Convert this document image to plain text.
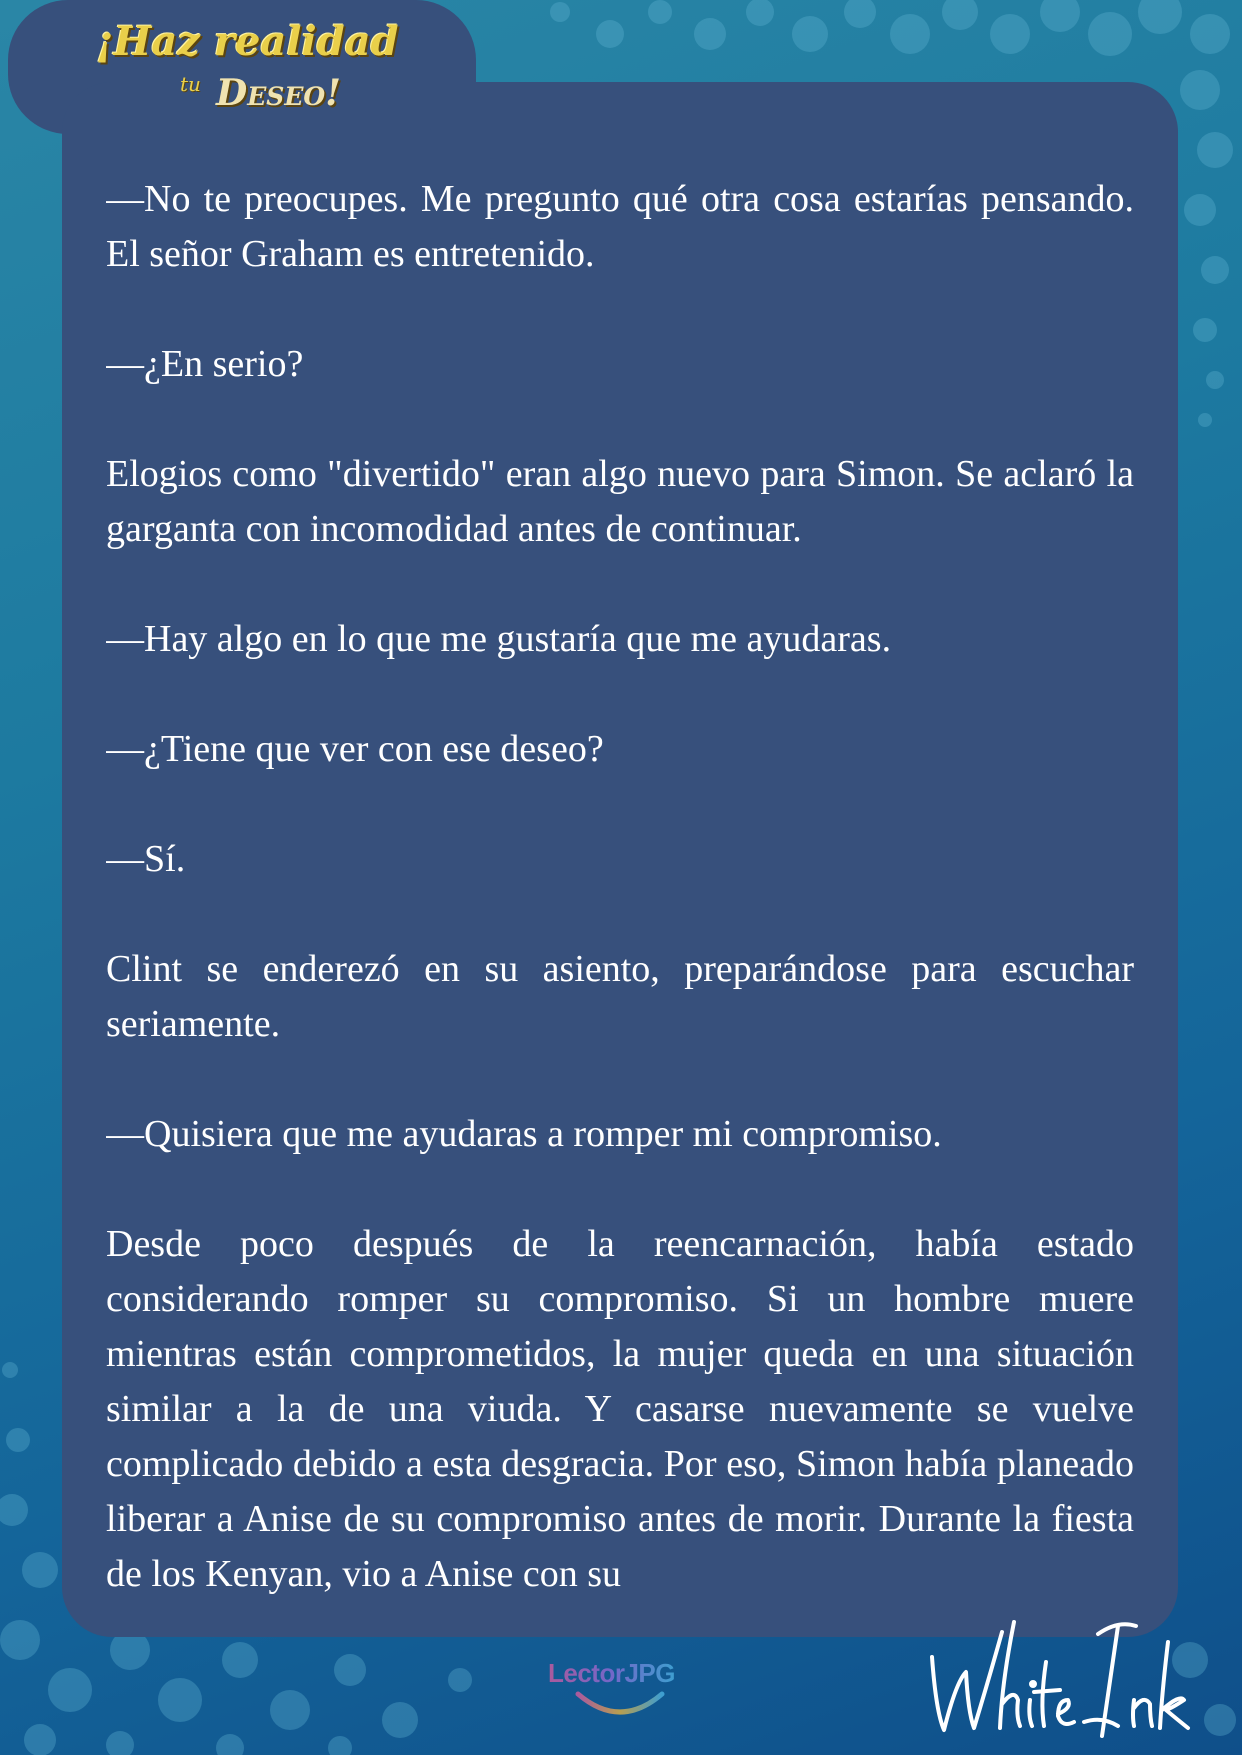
¡Haz realidad
tu Deseo!

—No te preocupes. Me pregunto qué otra cosa estarías pensando. El señor Graham es entretenido.

—¿En serio?

Elogios como "divertido" eran algo nuevo para Simon. Se aclaró la garganta con incomodidad antes de continuar.

—Hay algo en lo que me gustaría que me ayudaras.

—¿Tiene que ver con ese deseo?

—Sí.

Clint se enderezó en su asiento, preparándose para escuchar seriamente.

—Quisiera que me ayudaras a romper mi compromiso.

Desde poco después de la reencarnación, había estado considerando romper su compromiso. Si un hombre muere mientras están comprometidos, la mujer queda en una situación similar a la de una viuda. Y casarse nuevamente se vuelve complicado debido a esta desgracia. Por eso, Simon había planeado liberar a Anise de su compromiso antes de morir. Durante la fiesta de los Kenyan, vio a Anise con su

LectorJPG
